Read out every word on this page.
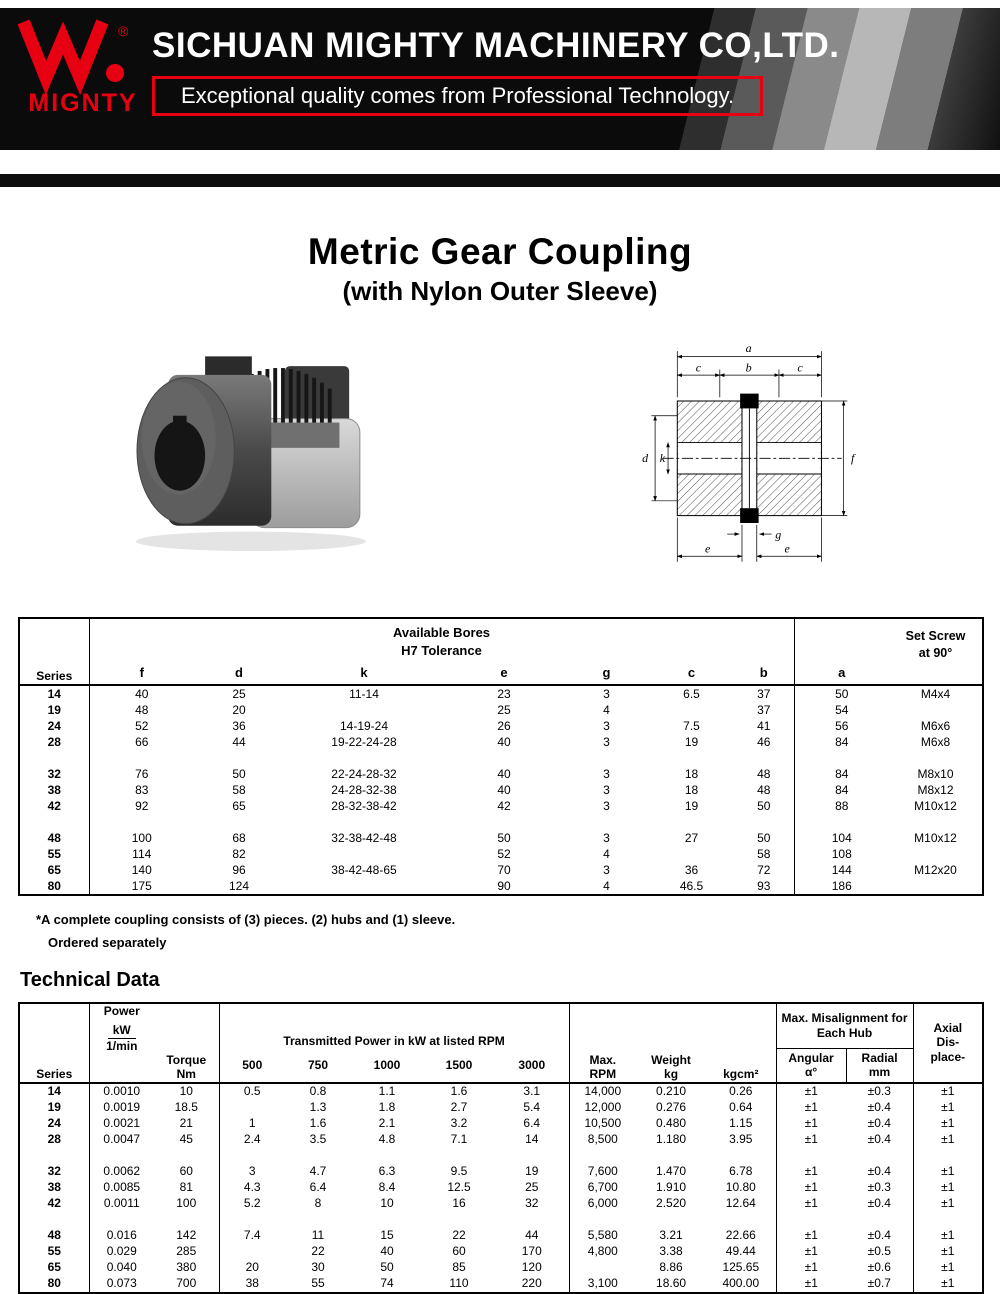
®
MIGNTY
SICHUAN MIGHTY MACHINERY CO,LTD.
Exceptional quality comes from Professional Technology.
Metric Gear Coupling
(with Nylon Outer Sleeve)
a
c	b	c
d k	f
g
e	e
Series	
Available Bores
H7 Tolerance

Set Screw
at 90°

	f	d	k	e	g	c	b	a	
14	40	25	11-14	23	3	6.5	37	50	M4x4
19	48	20		25	4		37	54	
24	52	36	14-19-24	26	3	7.5	41	56	M6x6
28	66	44	19-22-24-28	40	3	19	46	84	M6x8

32	76	50	22-24-28-32	40	3	18	48	84	M8x10
38	83	58	24-28-32-38	40	3	18	48	84	M8x12
42	92	65	28-32-38-42	42	3	19	50	88	M10x12

48	100	68	32-38-42-48	50	3	27	50	104	M10x12
55	114	82		52	4		58	108	
65	140	96	38-42-48-65	70	3	36	72	144	M12x20
80	175	124		90	4	46.5	93	186	
*A complete coupling consists of (3) pieces. (2) hubs and (1) sleeve.
Ordered separately
Technical Data
Series	
Power
kW
1/min

Torque
Nm
	Transmitted Power in kW at listed RPM	
Max.
RPM

Weight
kg	kgcm²	
Max. Misalignment for
Each Hub	Axial
Dis-
place-

500	750	1000	1500	3000	
Angular
α°

Radial
mm

14	0.0010	10	0.5	0.8	1.1	1.6	3.1	14,000	0.210	0.26	±1	±0.3	±1
19	0.0019	18.5		1.3	1.8	2.7	5.4	12,000	0.276	0.64	±1	±0.4	±1
24	0.0021	21	1	1.6	2.1	3.2	6.4	10,500	0.480	1.15	±1	±0.4	±1
28	0.0047	45	2.4	3.5	4.8	7.1	14	8,500	1.180	3.95	±1	±0.4	±1

32	0.0062	60	3	4.7	6.3	9.5	19	7,600	1.470	6.78	±1	±0.4	±1
38	0.0085	81	4.3	6.4	8.4	12.5	25	6,700	1.910	10.80	±1	±0.3	±1
42	0.0011	100	5.2	8	10	16	32	6,000	2.520	12.64	±1	±0.4	±1

48	0.016	142	7.4	11	15	22	44	5,580	3.21	22.66	±1	±0.4	±1
55	0.029	285		22	40	60	170	4,800	3.38	49.44	±1	±0.5	±1
65	0.040	380	20	30	50	85	120		8.86	125.65	±1	±0.6	±1
80	0.073	700	38	55	74	110	220	3,100	18.60	400.00	±1	±0.7	±1
